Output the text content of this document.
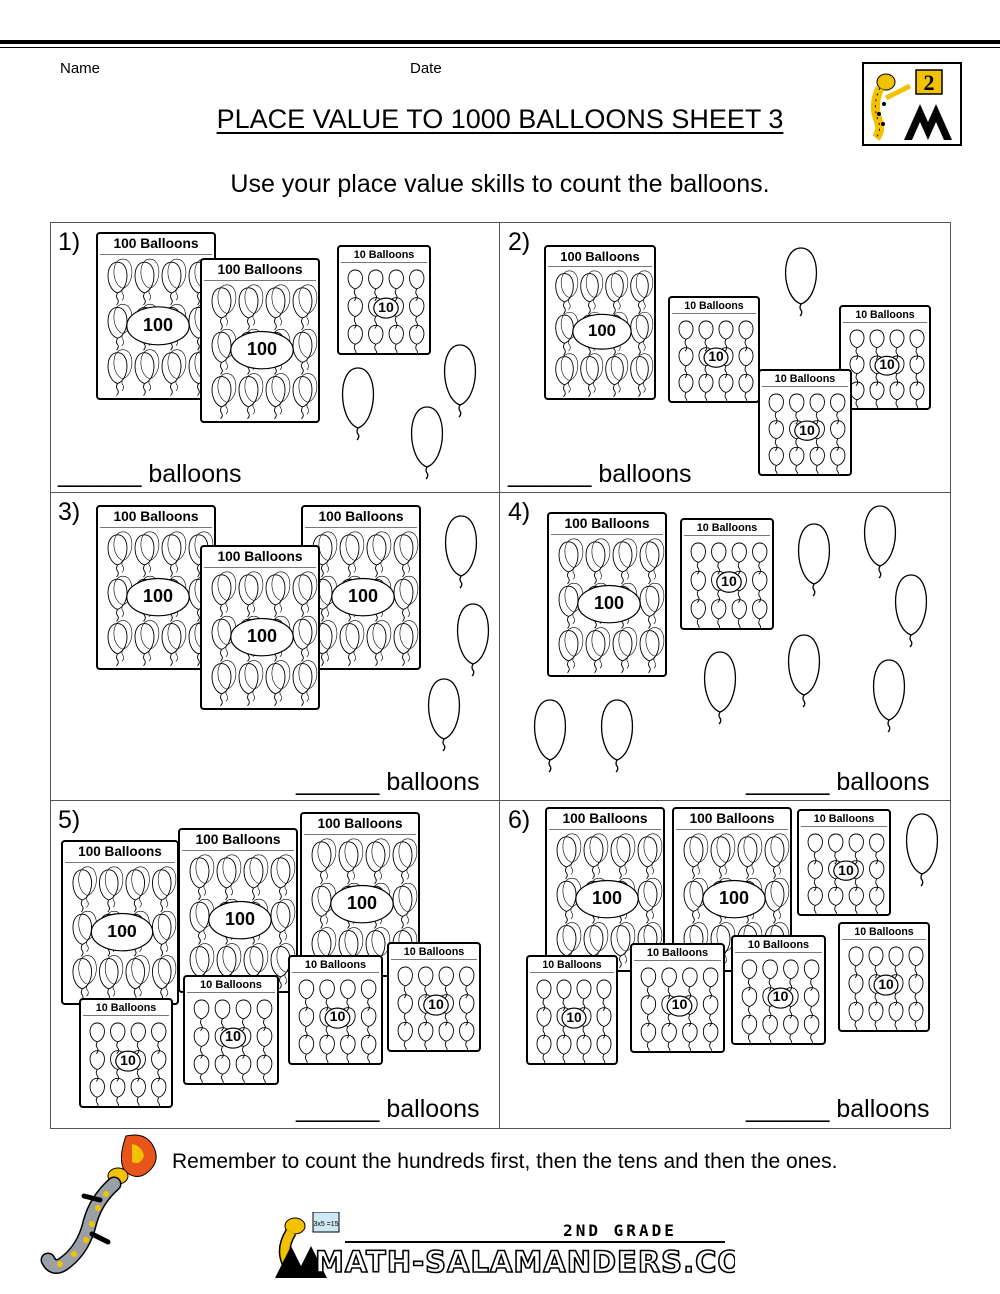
Name	Date
2
PLACE VALUE TO 1000 BALLOONS SHEET 3
Use your place value skills to count the balloons.
1)	2)
3)	4)
5)	6)
______ balloons	______ balloons
______ balloons	______ balloons
______ balloons	______ balloons
100 Balloons
100
100 Balloons
100
10 Balloons
10
100 Balloons
100
10 Balloons
10
10 Balloons
10
10 Balloons
10
100 Balloons
100
100 Balloons
100
100 Balloons
100
100 Balloons
100
10 Balloons
10
100 Balloons
100
100 Balloons
100
100 Balloons
100
10 Balloons
10
10 Balloons
10
10 Balloons
10
10 Balloons
10
100 Balloons
100
100 Balloons
100
10 Balloons
10
10 Balloons
10
10 Balloons
10
10 Balloons
10
10 Balloons
10
Remember to count the hundreds first, then the tens and then the ones.
3x5 =15	2ND GRADE
MATH-SALAMANDERS.COM
